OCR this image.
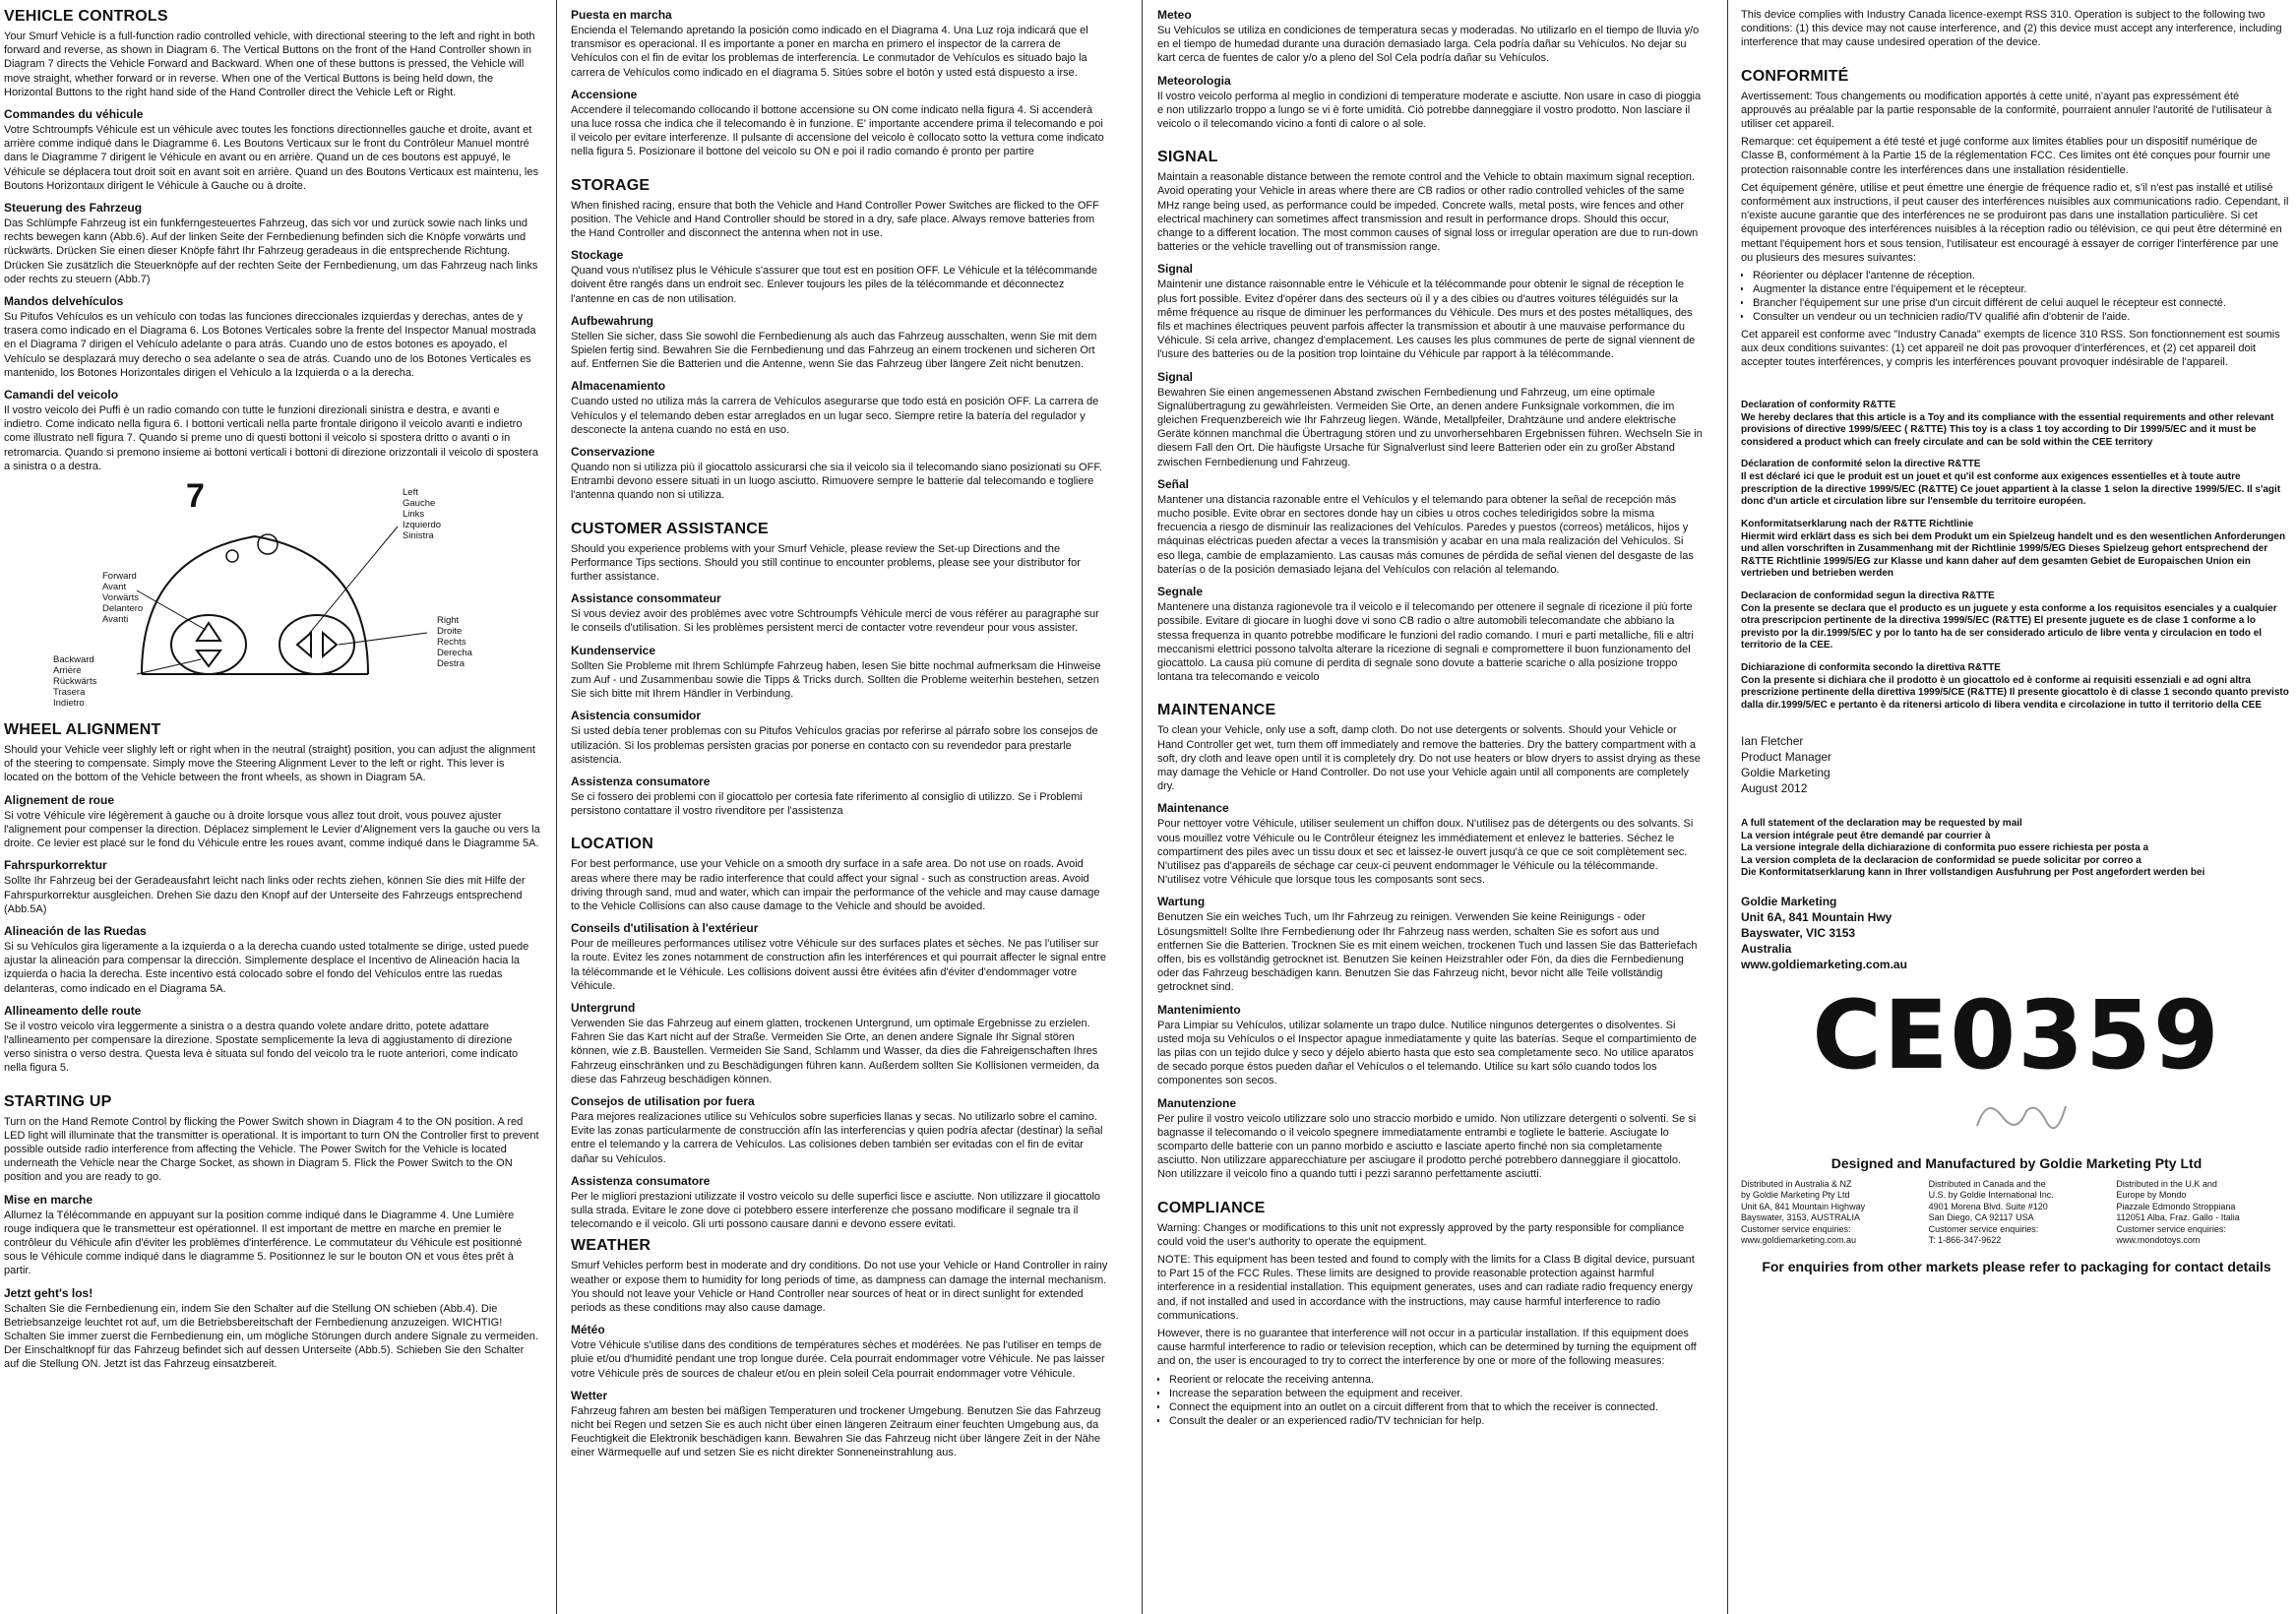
VEHICLE CONTROLS

Your Smurf Vehicle is a full-function radio controlled vehicle, with directional steering to the left and right in both forward and reverse, as shown in Diagram 6. The Vertical Buttons on the front of the Hand Controller shown in Diagram 7 directs the Vehicle Forward and Backward. When one of these buttons is pressed, the Vehicle will move straight, whether forward or in reverse. When one of the Vertical Buttons is being held down, the Horizontal Buttons to the right hand side of the Hand Controller direct the Vehicle Left or Right.

Commandes du véhicule

Votre Schtroumpfs Véhicule est un véhicule avec toutes les fonctions directionnelles gauche et droite, avant et arrière comme indiqué dans le Diagramme 6. Les Boutons Verticaux sur le front du Contrôleur Manuel montré dans le Diagramme 7 dirigent le Véhicule en avant ou en arrière. Quand un de ces boutons est appuyé, le Véhicule se déplacera tout droit soit en avant soit en arrière. Quand un des Boutons Verticaux est maintenu, les Boutons Horizontaux dirigent le Véhicule à Gauche ou à droite.

Steuerung des Fahrzeug

Das Schlümpfe Fahrzeug ist ein funkferngesteuertes Fahrzeug, das sich vor und zurück sowie nach links und rechts bewegen kann (Abb.6). Auf der linken Seite der Fernbedienung befinden sich die Knöpfe vorwärts und rückwärts. Drücken Sie einen dieser Knöpfe fährt Ihr Fahrzeug geradeaus in die entsprechende Richtung. Drücken Sie zusätzlich die Steuerknöpfe auf der rechten Seite der Fernbedienung, um das Fahrzeug nach links oder rechts zu steuern (Abb.7)

Mandos delvehículos

Su Pitufos Vehículos es un vehículo con todas las funciones direccionales izquierdas y derechas, antes de y trasera como indicado en el Diagrama 6. Los Botones Verticales sobre la frente del Inspector Manual mostrada en el Diagrama 7 dirigen el Vehículo adelante o para atrás. Cuando uno de estos botones es apoyado, el Vehículo se desplazará muy derecho o sea adelante o sea de atrás. Cuando uno de los Botones Verticales es mantenido, los Botones Horizontales dirigen el Vehículo a la Izquierda o a la derecha.

Camandi del veicolo

Il vostro veicolo dei Puffi è un radio comando con tutte le funzioni direzionali sinistra e destra, e avanti e indietro. Come indicato nella figura 6. I bottoni verticali nella parte frontale dirigono il veicolo avanti e indietro come illustrato nell figura 7. Quando si preme uno di questi bottoni il veicolo si spostera dritto o avanti o in retromarcia. Quando si premono insieme ai bottoni verticali i bottoni di direzione orizzontali il veicolo di spostera a sinistra o a destra.

7
Forward
Avant
Vorwärts
Delantero
Avanti
Backward
Arrière
Rückwärts
Trasera
Indietro
Left
Gauche
Links
Izquierdo
Sinistra
Right
Droite
Rechts
Derecha
Destra
WHEEL ALIGNMENT

Should your Vehicle veer slighly left or right when in the neutral (straight) position, you can adjust the alignment of the steering to compensate. Simply move the Steering Alignment Lever to the left or right. This lever is located on the bottom of the Vehicle between the front wheels, as shown in Diagram 5A.

Alignement de roue

Si votre Véhicule vire légèrement à gauche ou à droite lorsque vous allez tout droit, vous pouvez ajuster l'alignement pour compenser la direction. Déplacez simplement le Levier d'Alignement vers la gauche ou vers la droite. Ce levier est placé sur le fond du Véhicule entre les roues avant, comme indiqué dans le Diagramme 5A.

Fahrspurkorrektur

Sollte Ihr Fahrzeug bei der Geradeausfahrt leicht nach links oder rechts ziehen, können Sie dies mit Hilfe der Fahrspurkorrektur ausgleichen. Drehen Sie dazu den Knopf auf der Unterseite des Fahrzeugs entsprechend (Abb.5A)

Alineación de las Ruedas

Si su Vehículos gira ligeramente a la izquierda o a la derecha cuando usted totalmente se dirige, usted puede ajustar la alineación para compensar la dirección. Simplemente desplace el Incentivo de Alineación hacia la izquierda o hacia la derecha. Este incentivo está colocado sobre el fondo del Vehículos entre las ruedas delanteras, como indicado en el Diagrama 5A.

Allineamento delle route

Se il vostro veicolo vira leggermente a sinistra o a destra quando volete andare dritto, potete adattare l'allineamento per compensare la direzione. Spostate semplicemente la leva di aggiustamento di direzione verso sinistra o verso destra. Questa leva è situata sul fondo del veicolo tra le ruote anteriori, come indicato nella figura 5.

STARTING UP

Turn on the Hand Remote Control by flicking the Power Switch shown in Diagram 4 to the ON position. A red LED light will illuminate that the transmitter is operational. It is important to turn ON the Controller first to prevent possible outside radio interference from affecting the Vehicle. The Power Switch for the Vehicle is located underneath the Vehicle near the Charge Socket, as shown in Diagram 5. Flick the Power Switch to the ON position and you are ready to go.

Mise en marche

Allumez la Télécommande en appuyant sur la position comme indiqué dans le Diagramme 4. Une Lumière rouge indiquera que le transmetteur est opérationnel. Il est important de mettre en marche en premier le contrôleur du Véhicule afin d'éviter les problèmes d'interférence. Le commutateur du Véhicule est positionné sous le Véhicule comme indiqué dans le diagramme 5. Positionnez le sur le bouton ON et vous êtes prêt à partir.

Jetzt geht's los!

Schalten Sie die Fernbedienung ein, indem Sie den Schalter auf die Stellung ON schieben (Abb.4). Die Betriebsanzeige leuchtet rot auf, um die Betriebsbereitschaft der Fernbedienung anzuzeigen. WICHTIG! Schalten Sie immer zuerst die Fernbedienung ein, um mögliche Störungen durch andere Signale zu vermeiden. Der Einschaltknopf für das Fahrzeug befindet sich auf dessen Unterseite (Abb.5). Schieben Sie den Schalter auf die Stellung ON. Jetzt ist das Fahrzeug einsatzbereit.

Puesta en marcha

Encienda el Telemando apretando la posición como indicado en el Diagrama 4. Una Luz roja indicará que el transmisor es operacional. Il es importante a poner en marcha en primero el inspector de la carrera de Vehículos con el fin de evitar los problemas de interferencia. Le conmutador de Vehículos es situado bajo la carrera de Vehículos como indicado en el diagrama 5. Sitúes sobre el botón y usted está dispuesto a irse.

Accensione

Accendere il telecomando collocando il bottone accensione su ON come indicato nella figura 4. Si accenderà una luce rossa che indica che il telecomando è in funzione. E' importante accendere prima il telecomando e poi il veicolo per evitare interferenze. Il pulsante di accensione del veicolo è collocato sotto la vettura come indicato nella figura 5. Posizionare il bottone del veicolo su ON e poi il radio comando è pronto per partire

STORAGE

When finished racing, ensure that both the Vehicle and Hand Controller Power Switches are flicked to the OFF position. The Vehicle and Hand Controller should be stored in a dry, safe place. Always remove batteries from the Hand Controller and disconnect the antenna when not in use.

Stockage

Quand vous n'utilisez plus le Véhicule s'assurer que tout est en position OFF. Le Véhicule et la télécommande doivent être rangés dans un endroit sec. Enlever toujours les piles de la télécommande et déconnectez l'antenne en cas de non utilisation.

Aufbewahrung

Stellen Sie sicher, dass Sie sowohl die Fernbedienung als auch das Fahrzeug ausschalten, wenn Sie mit dem Spielen fertig sind. Bewahren Sie die Fernbedienung und das Fahrzeug an einem trockenen und sicheren Ort auf. Entfernen Sie die Batterien und die Antenne, wenn Sie das Fahrzeug über längere Zeit nicht benutzen.

Almacenamiento

Cuando usted no utiliza más la carrera de Vehículos asegurarse que todo está en posición OFF. La carrera de Vehículos y el telemando deben estar arreglados en un lugar seco. Siempre retire la batería del regulador y desconecte la antena cuando no está en uso.

Conservazione

Quando non si utilizza più il giocattolo assicurarsi che sia il veicolo sia il telecomando siano posizionati su OFF. Entrambi devono essere situati in un luogo asciutto. Rimuovere sempre le batterie dal telecomando e togliere l'antenna quando non si utilizza.

CUSTOMER ASSISTANCE

Should you experience problems with your Smurf Vehicle, please review the Set-up Directions and the Performance Tips sections. Should you still continue to encounter problems, please see your distributor for further assistance.

Assistance consommateur

Si vous deviez avoir des problèmes avec votre Schtroumpfs Véhicule merci de vous référer au paragraphe sur le conseils d'utilisation. Si les problèmes persistent merci de contacter votre revendeur pour vous assister.

Kundenservice

Sollten Sie Probleme mit Ihrem Schlümpfe Fahrzeug haben, lesen Sie bitte nochmal aufmerksam die Hinweise zum Auf - und Zusammenbau sowie die Tipps & Tricks durch. Sollten die Probleme weiterhin bestehen, setzen Sie sich bitte mit Ihrem Händler in Verbindung.

Asistencia consumidor

Si usted debía tener problemas con su Pitufos Vehículos gracias por referirse al párrafo sobre los consejos de utilización. Si los problemas persisten gracias por ponerse en contacto con su revendedor para prestarle asistencia.

Assistenza consumatore

Se ci fossero dei problemi con il giocattolo per cortesia fate riferimento al consiglio di utilizzo. Se i Problemi persistono contattare il vostro rivenditore per l'assistenza

LOCATION

For best performance, use your Vehicle on a smooth dry surface in a safe area. Do not use on roads. Avoid areas where there may be radio interference that could affect your signal - such as construction areas. Avoid driving through sand, mud and water, which can impair the performance of the vehicle and may cause damage to the Vehicle Collisions can also cause damage to the Vehicle and should be avoided.

Conseils d'utilisation à l'extérieur

Pour de meilleures performances utilisez votre Véhicule sur des surfaces plates et sèches. Ne pas l'utiliser sur la route. Evitez les zones notamment de construction afin les interférences et qui pourrait affecter le signal entre la télécommande et le Véhicule. Les collisions doivent aussi être évitées afin d'éviter d'endommager votre Véhicule.

Untergrund

Verwenden Sie das Fahrzeug auf einem glatten, trockenen Untergrund, um optimale Ergebnisse zu erzielen. Fahren Sie das Kart nicht auf der Straße. Vermeiden Sie Orte, an denen andere Signale Ihr Signal stören können, wie z.B. Baustellen. Vermeiden Sie Sand, Schlamm und Wasser, da dies die Fahreigenschaften Ihres Fahrzeug einschränken und zu Beschädigungen führen kann. Außerdem sollten Sie Kollisionen vermeiden, da diese das Fahrzeug beschädigen können.

Consejos de utilisation por fuera

Para mejores realizaciones utilice su Vehículos sobre superficies llanas y secas. No utilizarlo sobre el camino. Evite las zonas particularmente de construcción afín las interferencias y quien podría afectar (destinar) la señal entre el telemando y la carrera de Vehículos. Las colisiones deben también ser evitadas con el fin de evitar dañar su Vehículos.

Assistenza consumatore

Per le migliori prestazioni utilizzate il vostro veicolo su delle superfici lisce e asciutte. Non utilizzare il giocattolo sulla strada. Evitare le zone dove ci potebbero essere interferenze che possano modificare il segnale tra il telecomando e il veicolo. Gli urti possono causare danni e devono essere evitati.

WEATHER

Smurf Vehicles perform best in moderate and dry conditions. Do not use your Vehicle or Hand Controller in rainy weather or expose them to humidity for long periods of time, as dampness can damage the internal mechanism. You should not leave your Vehicle or Hand Controller near sources of heat or in direct sunlight for extended periods as these conditions may also cause damage.

Météo

Votre Véhicule s'utilise dans des conditions de températures sèches et modérées. Ne pas l'utiliser en temps de pluie et/ou d'humidité pendant une trop longue durée. Cela pourrait endommager votre Véhicule. Ne pas laisser votre Véhicule près de sources de chaleur et/ou en plein soleil Cela pourrait endommager votre Véhicule.

Wetter

Fahrzeug fahren am besten bei mäßigen Temperaturen und trockener Umgebung. Benutzen Sie das Fahrzeug nicht bei Regen und setzen Sie es auch nicht über einen längeren Zeitraum einer feuchten Umgebung aus, da Feuchtigkeit die Elektronik beschädigen kann. Bewahren Sie das Fahrzeug nicht über längere Zeit in der Nähe einer Wärmequelle auf und setzen Sie es nicht direkter Sonneneinstrahlung aus.

Meteo

Su Vehículos se utiliza en condiciones de temperatura secas y moderadas. No utilizarlo en el tiempo de lluvia y/o en el tiempo de humedad durante una duración demasiado larga. Cela podría dañar su Vehículos. No dejar su kart cerca de fuentes de calor y/o a pleno del Sol Cela podría dañar su Vehículos.

Meteorologia

Il vostro veicolo performa al meglio in condizioni di temperature moderate e asciutte. Non usare in caso di pioggia e non utilizzarlo troppo a lungo se vi è forte umidità. Ciò potrebbe danneggiare il vostro prodotto. Non lasciare il veicolo o il telecomando vicino a fonti di calore o al sole.

SIGNAL

Maintain a reasonable distance between the remote control and the Vehicle to obtain maximum signal reception. Avoid operating your Vehicle in areas where there are CB radios or other radio controlled vehicles of the same MHz range being used, as performance could be impeded. Concrete walls, metal posts, wire fences and other electrical machinery can sometimes affect transmission and result in performance drops. Should this occur, change to a different location. The most common causes of signal loss or irregular operation are due to run-down batteries or the vehicle travelling out of transmission range.

Signal

Maintenir une distance raisonnable entre le Véhicule et la télécommande pour obtenir le signal de réception le plus fort possible. Evitez d'opérer dans des secteurs où il y a des cibies ou d'autres voitures téléguidés sur la même fréquence au risque de diminuer les performances du Véhicule. Des murs et des postes métalliques, des fils et machines électriques peuvent parfois affecter la transmission et aboutir à une mauvaise performance du Véhicule. Si cela arrive, changez d'emplacement. Les causes les plus communes de perte de signal viennent de l'usure des batteries ou de la position trop lointaine du Véhicule par rapport à la télécommande.

Signal

Bewahren Sie einen angemessenen Abstand zwischen Fernbedienung und Fahrzeug, um eine optimale Signalübertragung zu gewährleisten. Vermeiden Sie Orte, an denen andere Funksignale vorkommen, die im gleichen Frequenzbereich wie Ihr Fahrzeug liegen. Wände, Metallpfeiler, Drahtzäune und andere elektrische Geräte können manchmal die Übertragung stören und zu unvorhersehbaren Ergebnissen führen. Wechseln Sie in diesem Fall den Ort. Die häufigste Ursache für Signalverlust sind leere Batterien oder ein zu großer Abstand zwischen Fernbedienung und Fahrzeug.

Señal

Mantener una distancia razonable entre el Vehículos y el telemando para obtener la señal de recepción más mucho posible. Evite obrar en sectores donde hay un cibies u otros coches teledirigidos sobre la misma frecuencia a riesgo de disminuir las realizaciones del Vehículos. Paredes y puestos (correos) metálicos, hijos y máquinas eléctricas pueden afectar a veces la transmisión y acabar en una mala realización del Vehículos. Si eso llega, cambie de emplazamiento. Las causas más comunes de pérdida de señal vienen del desgaste de las baterías o de la posición demasiado lejana del Vehículos con relación al telemando.

Segnale

Mantenere una distanza ragionevole tra il veicolo e il telecomando per ottenere il segnale di ricezione il più forte possibile. Evitare di giocare in luoghi dove vi sono CB radio o altre automobili telecomandate che abbiano la stessa frequenza in quanto potrebbe modificare le funzioni del radio comando. I muri e parti metalliche, fili e altri meccanismi elettrici possono talvolta alterare la ricezione di segnali e compromettere il buon funzionamento del giocattolo. La causa più comune di perdita di segnale sono dovute a batterie scariche o alla posizione troppo lontana tra telecomando e veicolo

MAINTENANCE

To clean your Vehicle, only use a soft, damp cloth. Do not use detergents or solvents. Should your Vehicle or Hand Controller get wet, turn them off immediately and remove the batteries. Dry the battery compartment with a soft, dry cloth and leave open until it is completely dry. Do not use heaters or blow dryers to assist drying as these may damage the Vehicle or Hand Controller. Do not use your Vehicle again until all components are completely dry.

Maintenance

Pour nettoyer votre Véhicule, utiliser seulement un chiffon doux. N'utilisez pas de détergents ou des solvants. Si vous mouillez votre Véhicule ou le Contrôleur éteignez les immédiatement et enlevez le batteries. Séchez le compartiment des piles avec un tissu doux et sec et laissez-le ouvert jusqu'à ce que ce soit complètement sec. N'utilisez pas d'appareils de séchage car ceux-ci peuvent endommager le Véhicule ou la télécommande. N'utilisez votre Véhicule que lorsque tous les composants sont secs.

Wartung

Benutzen Sie ein weiches Tuch, um Ihr Fahrzeug zu reinigen. Verwenden Sie keine Reinigungs - oder Lösungsmittel! Sollte Ihre Fernbedienung oder Ihr Fahrzeug nass werden, schalten Sie es sofort aus und entfernen Sie die Batterien. Trocknen Sie es mit einem weichen, trockenen Tuch und lassen Sie das Batteriefach offen, bis es vollständig getrocknet ist. Benutzen Sie keinen Heizstrahler oder Fön, da dies die Fernbedienung oder das Fahrzeug beschädigen kann. Benutzen Sie das Fahrzeug nicht, bevor nicht alle Teile vollständig getrocknet sind.

Mantenimiento

Para Limpiar su Vehículos, utilizar solamente un trapo dulce. Nutilice ningunos detergentes o disolventes. Si usted moja su Vehículos o el Inspector apague inmediatamente y quite las baterías. Seque el compartimiento de las pilas con un tejido dulce y seco y déjelo abierto hasta que esto sea completamente seco. No utilice aparatos de secado porque éstos pueden dañar el Vehículos o el telemando. Utilice su kart sólo cuando todos los componentes son secos.

Manutenzione

Per pulire il vostro veicolo utilizzare solo uno straccio morbido e umido. Non utilizzare detergenti o solventi. Se si bagnasse il telecomando o il veicolo spegnere immediatamente entrambi e togliete le batterie. Asciugate lo scomparto delle batterie con un panno morbido e asciutto e lasciate aperto finché non sia completamente asciutto. Non utilizzare apparecchiature per asciugare il prodotto perché potrebbero danneggiare il giocattolo. Non utilizzare il veicolo fino a quando tutti i pezzi saranno perfettamente asciutti.

COMPLIANCE

Warning: Changes or modifications to this unit not expressly approved by the party responsible for compliance could void the user's authority to operate the equipment.

NOTE: This equipment has been tested and found to comply with the limits for a Class B digital device, pursuant to Part 15 of the FCC Rules. These limits are designed to provide reasonable protection against harmful interference in a residential installation. This equipment generates, uses and can radiate radio frequency energy and, if not installed and used in accordance with the instructions, may cause harmful interference to radio communications.

However, there is no guarantee that interference will not occur in a particular installation. If this equipment does cause harmful interference to radio or television reception, which can be determined by turning the equipment off and on, the user is encouraged to try to correct the interference by one or more of the following measures:

• Reorient or relocate the receiving antenna.
• Increase the separation between the equipment and receiver.
• Connect the equipment into an outlet on a circuit different from that to which the receiver is connected.
• Consult the dealer or an experienced radio/TV technician for help.

This device complies with Industry Canada licence-exempt RSS 310. Operation is subject to the following two conditions: (1) this device may not cause interference, and (2) this device must accept any interference, including interference that may cause undesired operation of the device.

CONFORMITÉ

Avertissement: Tous changements ou modification apportés à cette unité, n'ayant pas expressément été approuvés au préalable par la partie responsable de la conformité, pourraient annuler l'autorité de l'utilisateur à utiliser cet appareil.

Remarque: cet équipement a été testé et jugé conforme aux limites établies pour un dispositif numérique de Classe B, conformément à la Partie 15 de la réglementation FCC. Ces limites ont été conçues pour fournir une protection raisonnable contre les interférences dans une installation résidentielle.

Cet équipement génère, utilise et peut émettre une énergie de fréquence radio et, s'il n'est pas installé et utilisé conformément aux instructions, il peut causer des interférences nuisibles aux communications radio. Cependant, il n'existe aucune garantie que des interférences ne se produiront pas dans une installation particulière. Si cet équipement provoque des interférences nuisibles à la réception radio ou télévision, ce qui peut être déterminé en mettant l'équipement hors et sous tension, l'utilisateur est encouragé à essayer de corriger l'interférence par une ou plusieurs des mesures suivantes:

• Réorienter ou déplacer l'antenne de réception.
• Augmenter la distance entre l'équipement et le récepteur.
• Brancher l'équipement sur une prise d'un circuit différent de celui auquel le récepteur est connecté.
• Consulter un vendeur ou un technicien radio/TV qualifié afin d'obtenir de l'aide.

Cet appareil est conforme avec "Industry Canada" exempts de licence 310 RSS. Son fonctionnement est soumis aux deux conditions suivantes: (1) cet appareil ne doit pas provoquer d'interférences, et (2) cet appareil doit accepter toutes interférences, y compris les interférences pouvant provoquer indésirable de l'appareil.

Declaration of conformity R&TTE

We hereby declares that this article is a Toy and its compliance with the essential requirements and other relevant provisions of directive 1999/5/EEC ( R&TTE) This toy is a class 1 toy according to Dir 1999/5/EC and it must be considered a product which can freely circulate and can be sold within the CEE territory

Déclaration de conformité selon la directive R&TTE

Il est déclaré ici que le produit est un jouet et qu'il est conforme aux exigences essentielles et à toute autre prescription de la directive 1999/5/EC (R&TTE) Ce jouet appartient à la classe 1 selon la directive 1999/5/EC. Il s'agit donc d'un article et circulation libre sur l'ensemble du territoire européen.

Konformitatserklarung nach der R&TTE Richtlinie

Hiermit wird erklärt dass es sich bei dem Produkt um ein Spielzeug handelt und es den wesentlichen Anforderungen und allen vorschriften in Zusammenhang mit der Richtlinie 1999/5/EG Dieses Spielzeug gehort entsprechend der R&TTE Richtlinie 1999/5/EG zur Klasse und kann daher auf dem gesamten Gebiet de Europaischen Union ein vertrieben und betrieben werden

Declaracion de conformidad segun la directiva R&TTE

Con la presente se declara que el producto es un juguete y esta conforme a los requisitos esenciales y a cualquier otra prescripcion pertinente de la directiva 1999/5/EC (R&TTE) El presente juguete es de clase 1 conforme a lo previsto por la dir.1999/5/EC y por lo tanto ha de ser considerado articulo de libre venta y circulacion en todo el territorio de la CEE.

Dichiarazione di conformita secondo la direttiva R&TTE

Con la presente si dichiara che il prodotto è un giocattolo ed è conforme ai requisiti essenziali e ad ogni altra prescrizione pertinente della direttiva 1999/5/CE (R&TTE) Il presente giocattolo è di classe 1 secondo quanto previsto dalla dir.1999/5/EC e pertanto è da ritenersi articolo di libera vendita e circolazione in tutto il territorio della CEE

Ian Fletcher
Product Manager
Goldie Marketing
August 2012

A full statement of the declaration may be requested by mail
La version intégrale peut être demandé par courrier à
La versione integrale della dichiarazione di conformita puo essere richiesta per posta a
La version completa de la declaracion de conformidad se puede solicitar por correo a
Die Konformitatserklarung kann in Ihrer vollstandigen Ausfuhrung per Post angefordert werden bei

Goldie Marketing
Unit 6A, 841 Mountain Hwy
Bayswater, VIC 3153
Australia
www.goldiemarketing.com.au
CE0359
Designed and Manufactured by Goldie Marketing Pty Ltd
Distributed in Australia & NZ
by Goldie Marketing Pty Ltd
Unit 6A, 841 Mountain Highway
Bayswater, 3153, AUSTRALIA
Customer service enquiries:
www.goldiemarketing.com.au
Distributed in Canada and the
U.S. by Goldie International Inc.
4901 Morena Blvd. Suite #120
San Diego, CA 92117 USA
Customer service enquiries:
T: 1-866-347-9622
Distributed in the U.K and
Europe by Mondo
Piazzale Edmondo Stroppiana
112051 Alba, Fraz. Gallo - Italia
Customer service enquiries:
www.mondotoys.com
For enquiries from other markets please refer to packaging for contact details
